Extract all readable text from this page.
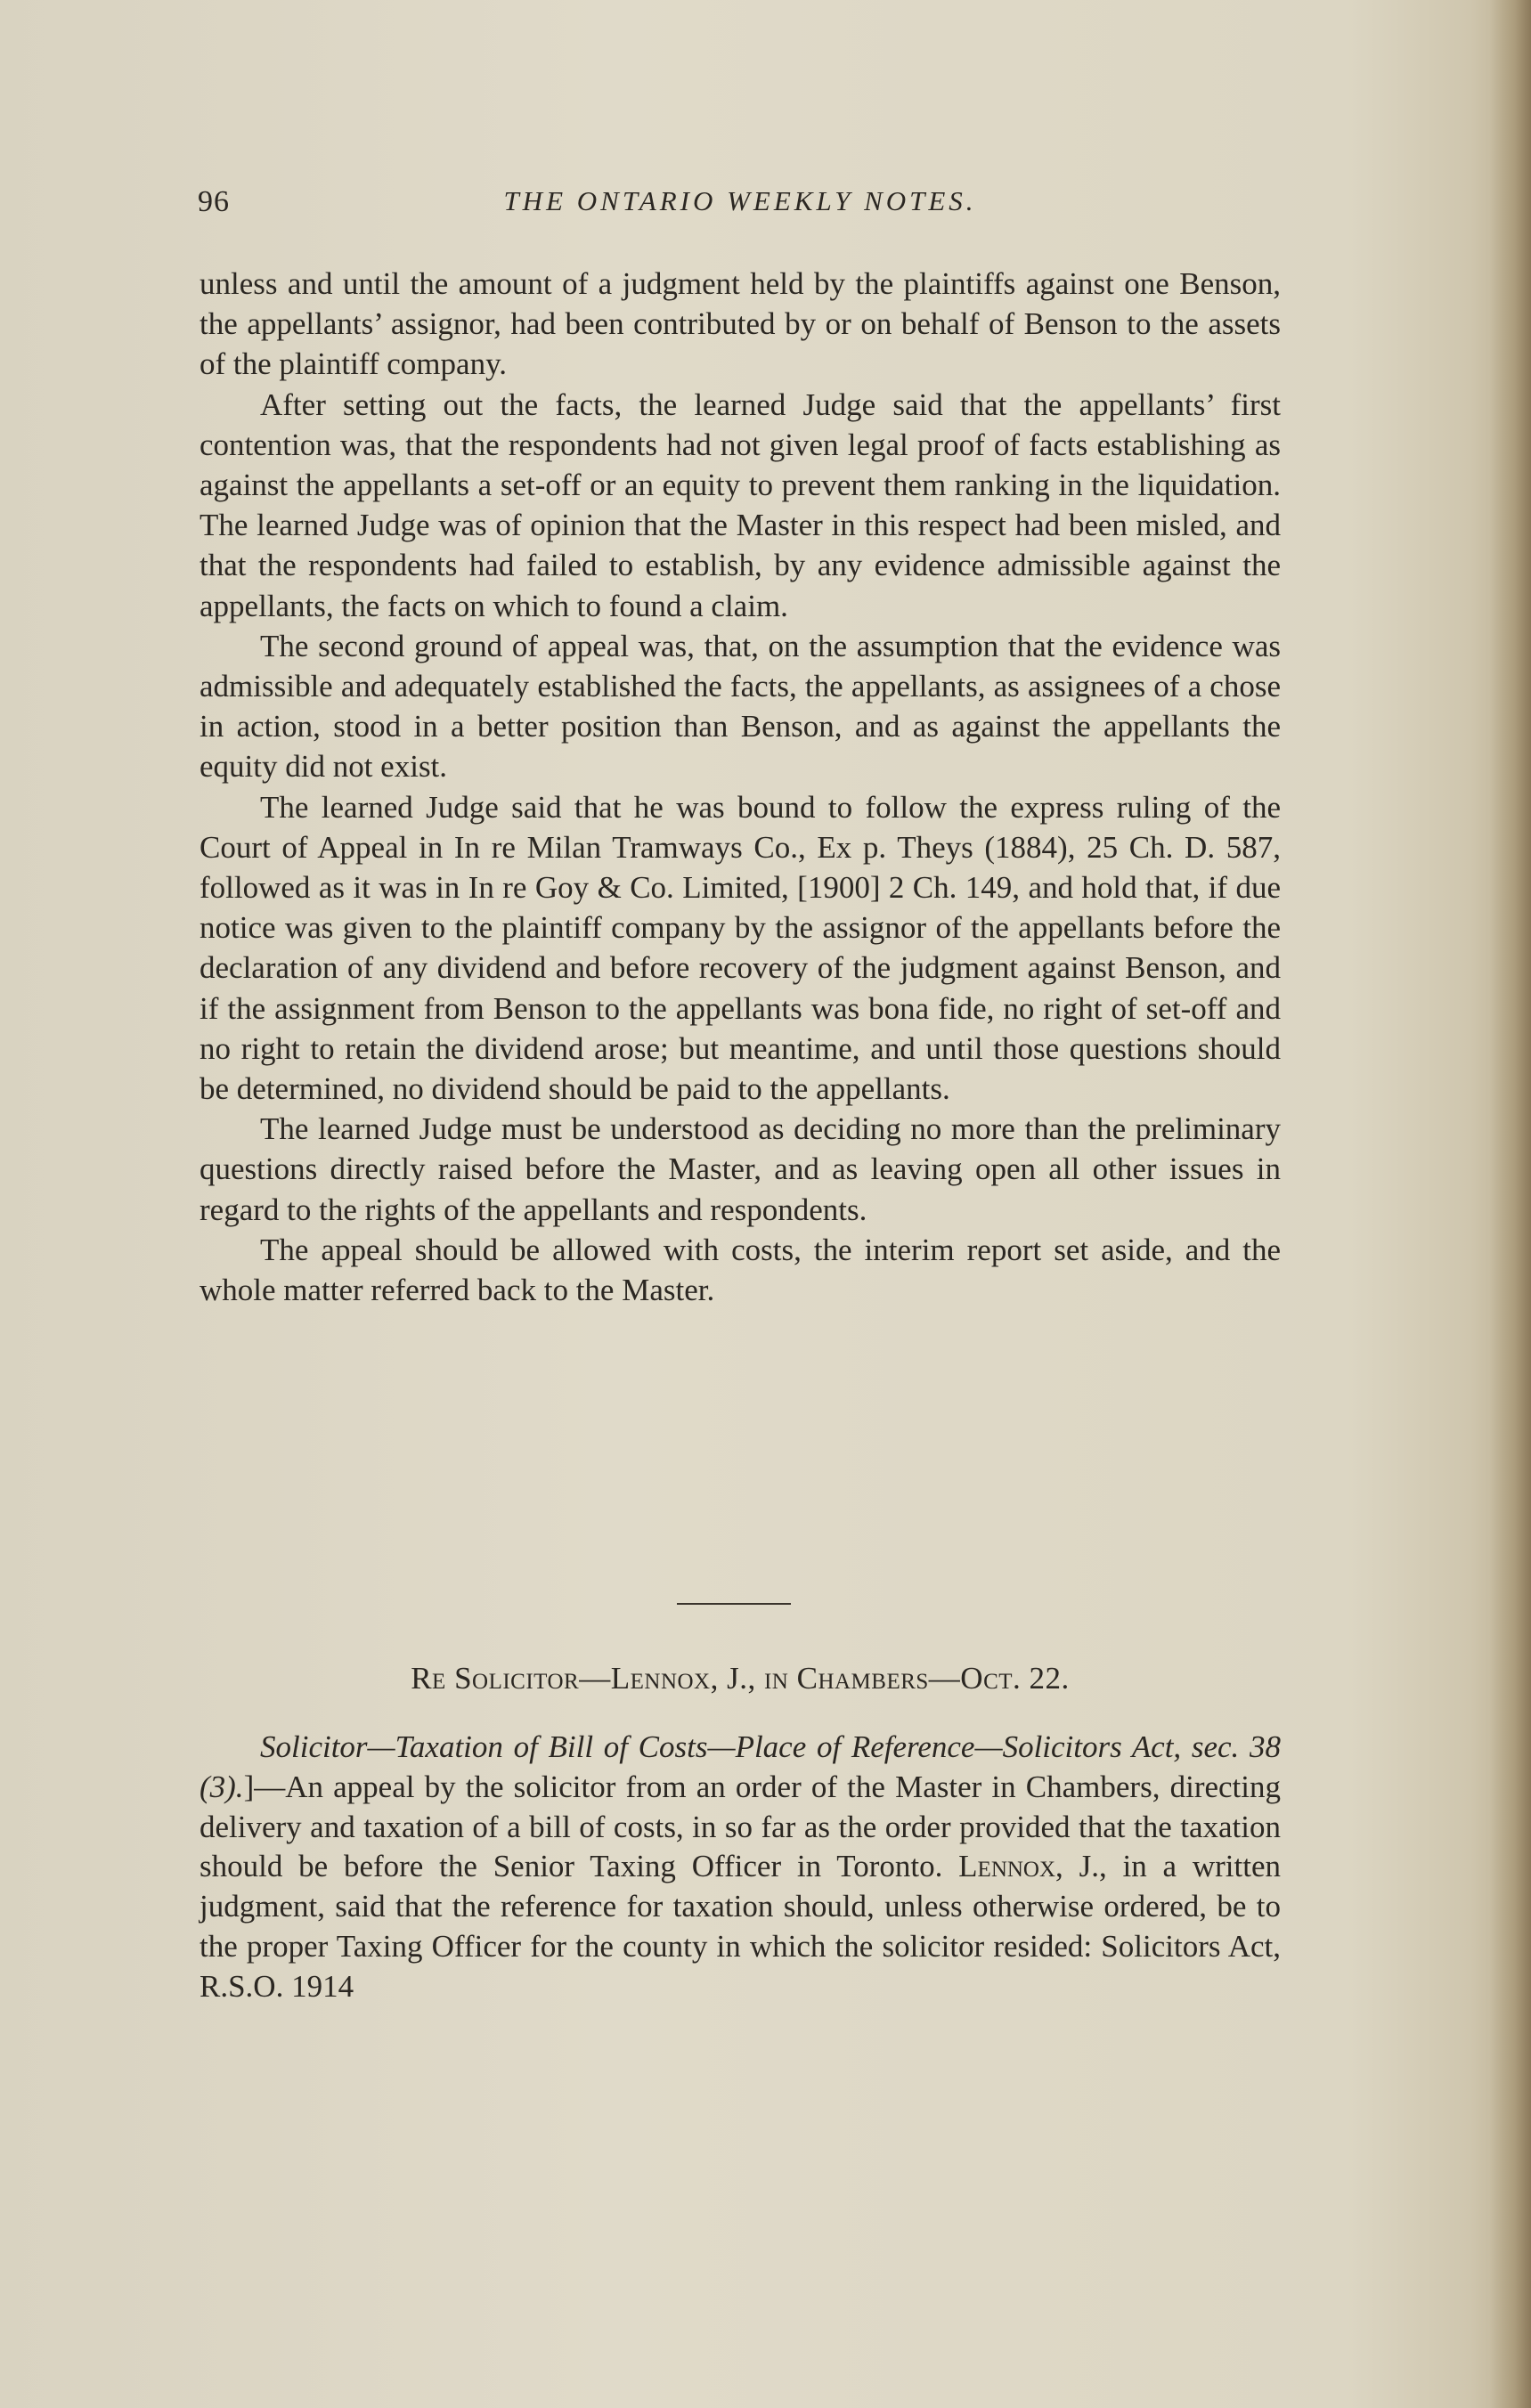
96	THE ONTARIO WEEKLY NOTES.

unless and until the amount of a judgment held by the plaintiffs against one Benson, the appellants’ assignor, had been contributed by or on behalf of Benson to the assets of the plaintiff company.

After setting out the facts, the learned Judge said that the appellants’ first contention was, that the respondents had not given legal proof of facts establishing as against the appellants a set-off or an equity to prevent them ranking in the liquidation. The learned Judge was of opinion that the Master in this respect had been misled, and that the respondents had failed to establish, by any evidence admissible against the appellants, the facts on which to found a claim.

The second ground of appeal was, that, on the assumption that the evidence was admissible and adequately established the facts, the appellants, as assignees of a chose in action, stood in a better position than Benson, and as against the appellants the equity did not exist.

The learned Judge said that he was bound to follow the express ruling of the Court of Appeal in In re Milan Tramways Co., Ex p. Theys (1884), 25 Ch. D. 587, followed as it was in In re Goy & Co. Limited, [1900] 2 Ch. 149, and hold that, if due notice was given to the plaintiff company by the assignor of the appellants before the declaration of any dividend and before recovery of the judgment against Benson, and if the assignment from Benson to the appellants was bona fide, no right of set-off and no right to retain the dividend arose; but meantime, and until those questions should be determined, no dividend should be paid to the appellants.

The learned Judge must be understood as deciding no more than the preliminary questions directly raised before the Master, and as leaving open all other issues in regard to the rights of the appellants and respondents.

The appeal should be allowed with costs, the interim report set aside, and the whole matter referred back to the Master.

Re Solicitor—Lennox, J., in Chambers—Oct. 22.

Solicitor—Taxation of Bill of Costs—Place of Reference—Solicitors Act, sec. 38 (3).]—An appeal by the solicitor from an order of the Master in Chambers, directing delivery and taxation of a bill of costs, in so far as the order provided that the taxation should be before the Senior Taxing Officer in Toronto. Lennox, J., in a written judgment, said that the reference for taxation should, unless otherwise ordered, be to the proper Taxing Officer for the county in which the solicitor resided: Solicitors Act, R.S.O. 1914
